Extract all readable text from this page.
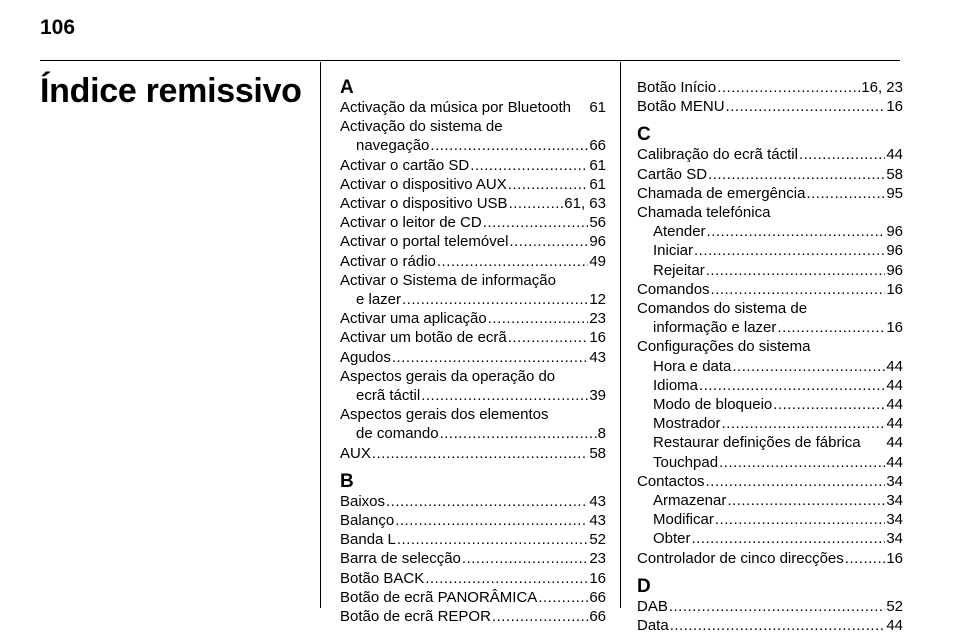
106
Índice remissivo A
Activação da música por Bluetooth 61
Activação do sistema de
navegação .....	66
Activar o cartão SD .....	61
Activar o dispositivo AUX .....	61
Activar o dispositivo USB .....	61, 63
Activar o leitor de CD .....	56
Activar o portal telemóvel .....	96
Activar o rádio .....	49
Activar o Sistema de informação
e lazer .....	12
Activar uma aplicação .....	23
Activar um botão de ecrã .....	16
Agudos .....	43
Aspectos gerais da operação do
ecrã táctil .....	39
Aspectos gerais dos elementos
de comando .....	8
AUX .....	58
B
Baixos .....	43
Balanço .....	43
Banda L .....	52
Barra de selecção .....	23
Botão BACK .....	16
Botão de ecrã PANORÂMICA .....	66
Botão de ecrã REPOR .....	66
Botão Início .....	16, 23
Botão MENU .....	16
C
Calibração do ecrã táctil .....	44
Cartão SD .....	58
Chamada de emergência .....	95
Chamada telefónica
Atender .....	96
Iniciar .....	96
Rejeitar .....	96
Comandos .....	16
Comandos do sistema de
informação e lazer .....	16
Configurações do sistema
Hora e data .....	44
Idioma .....	44
Modo de bloqueio .....	44
Mostrador .....	44
Restaurar definições de fábrica 44
Touchpad .....	44
Contactos .....	34
Armazenar .....	34
Modificar .....	34
Obter .....	34
Controlador de cinco direcções .....	16
D
DAB .....	52
Data .....	44
